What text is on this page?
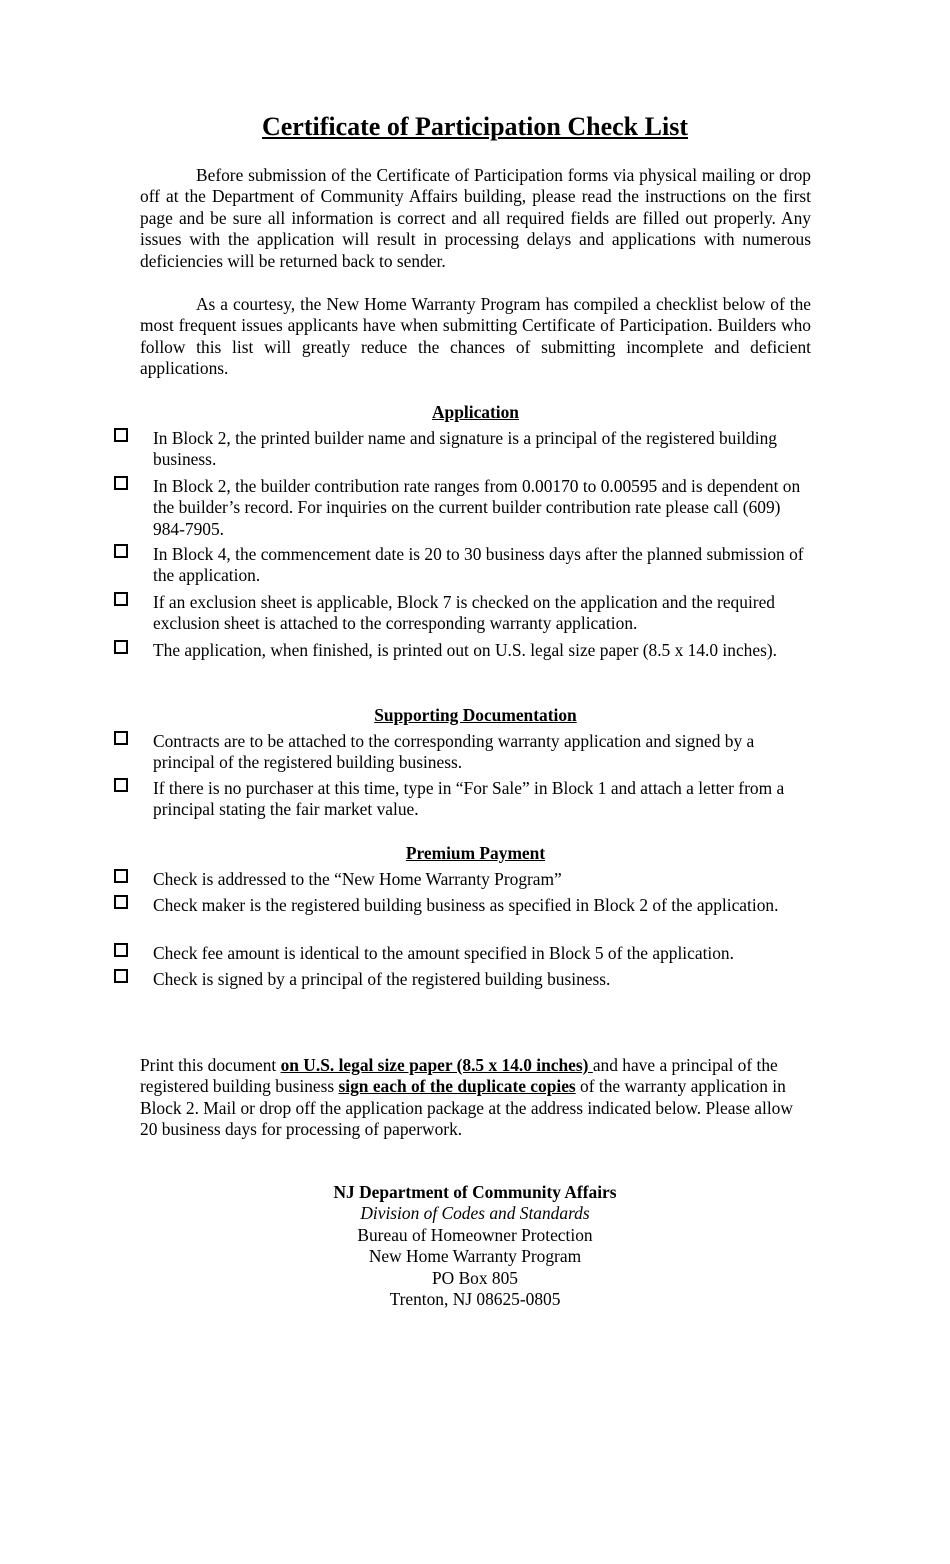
Certificate of Participation Check List

Before submission of the Certificate of Participation forms via physical mailing or drop off at the Department of Community Affairs building, please read the instructions on the first page and be sure all information is correct and all required fields are filled out properly. Any issues with the application will result in processing delays and applications with numerous deficiencies will be returned back to sender.

As a courtesy, the New Home Warranty Program has compiled a checklist below of the most frequent issues applicants have when submitting Certificate of Participation. Builders who follow this list will greatly reduce the chances of submitting incomplete and deficient applications.

Application
In Block 2, the printed builder name and signature is a principal of the registered building business.
In Block 2, the builder contribution rate ranges from 0.00170 to 0.00595 and is dependent on the builder’s record. For inquiries on the current builder contribution rate please call (609) 984-7905.
In Block 4, the commencement date is 20 to 30 business days after the planned submission of the application.
If an exclusion sheet is applicable, Block 7 is checked on the application and the required exclusion sheet is attached to the corresponding warranty application.
The application, when finished, is printed out on U.S. legal size paper (8.5 x 14.0 inches).
Supporting Documentation
Contracts are to be attached to the corresponding warranty application and signed by a principal of the registered building business.
If there is no purchaser at this time, type in “For Sale” in Block 1 and attach a letter from a principal stating the fair market value.
Premium Payment
Check is addressed to the “New Home Warranty Program”
Check maker is the registered building business as specified in Block 2 of the application.
Check fee amount is identical to the amount specified in Block 5 of the application.
Check is signed by a principal of the registered building business.

Print this document on U.S. legal size paper (8.5 x 14.0 inches) and have a principal of the registered building business sign each of the duplicate copies of the warranty application in Block 2. Mail or drop off the application package at the address indicated below. Please allow 20 business days for processing of paperwork.

NJ Department of Community Affairs
Division of Codes and Standards
Bureau of Homeowner Protection
New Home Warranty Program
PO Box 805
Trenton, NJ 08625-0805
